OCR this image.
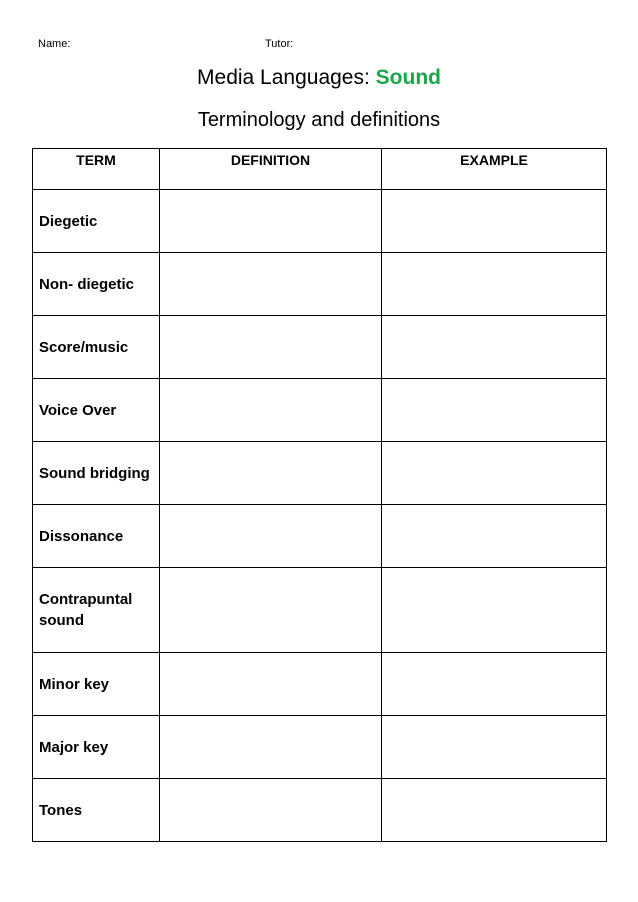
Name:	Tutor:
Media Languages: Sound
Terminology and definitions
TERM	DEFINITION	EXAMPLE
Diegetic		
Non- diegetic		
Score/music		
Voice Over		
Sound bridging		
Dissonance		
Contrapuntal sound		
Minor key		
Major key		
Tones		
